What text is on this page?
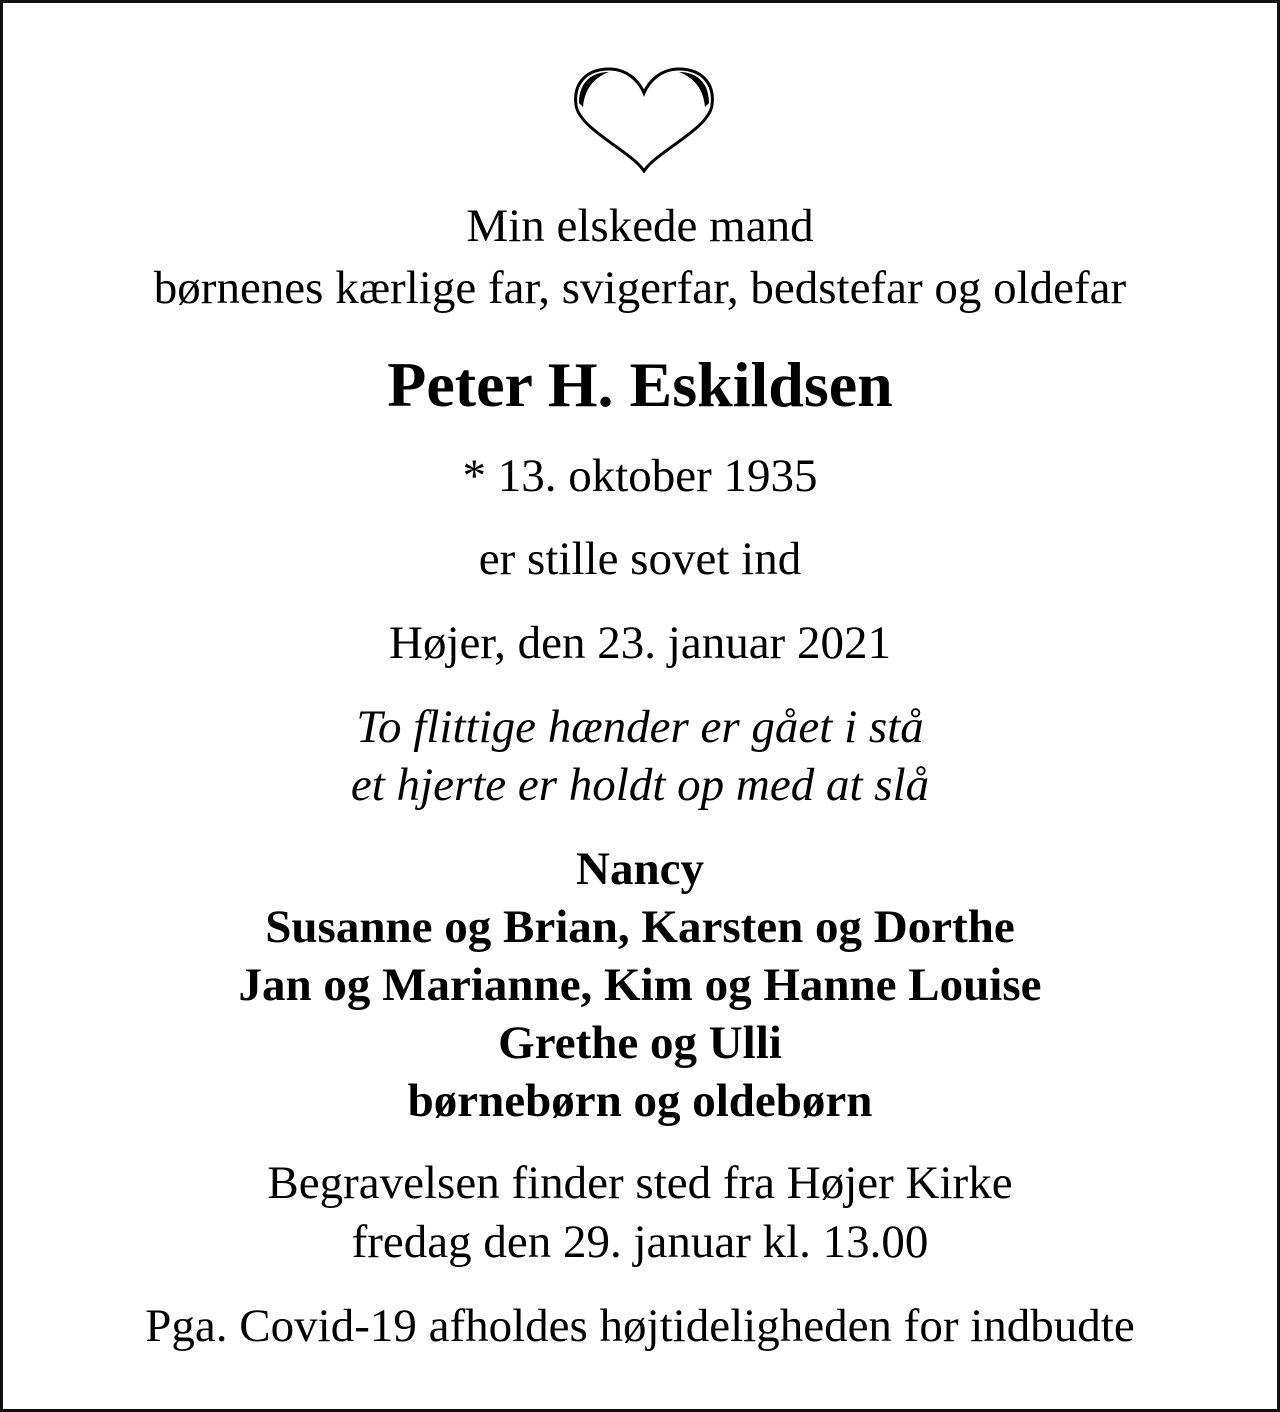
Min elskede mand
børnenes kærlige far, svigerfar, bedstefar og oldefar
Peter H. Eskildsen
* 13. oktober 1935
er stille sovet ind
Højer, den 23. januar 2021
To flittige hænder er gået i stå
et hjerte er holdt op med at slå
Nancy
Susanne og Brian, Karsten og Dorthe
Jan og Marianne, Kim og Hanne Louise
Grethe og Ulli
børnebørn og oldebørn
Begravelsen finder sted fra Højer Kirke
fredag den 29. januar kl. 13.00
Pga. Covid-19 afholdes højtideligheden for indbudte
